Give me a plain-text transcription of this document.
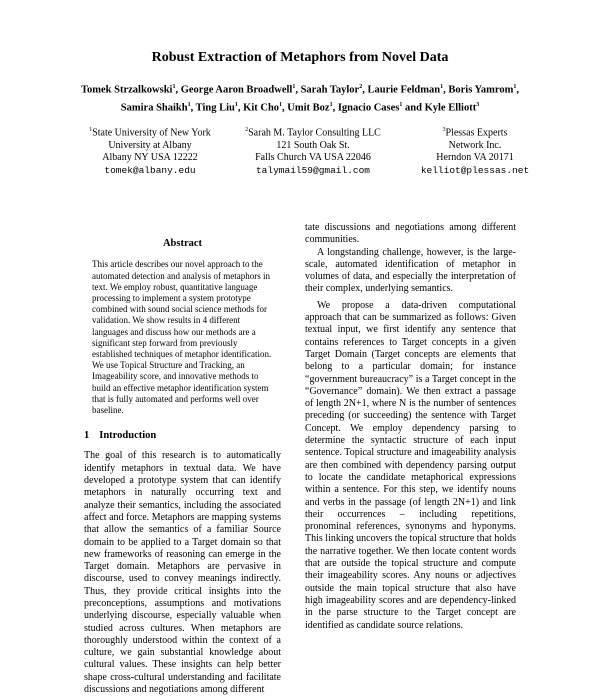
Robust Extraction of Metaphors from Novel Data
Tomek Strzalkowski$^1$, George Aaron Broadwell$^1$, Sarah Taylor$^2$, Laurie Feldman$^1$, Boris Yamrom$^1$, Samira Shaikh$^1$, Ting Liu$^1$, Kit Cho$^1$, Umit Boz$^1$, Ignacio Cases$^1$ and Kyle Elliott$^3$
$^1$State University of New York
University at Albany
Albany NY USA 12222
tomek@albany.edu
$^2$Sarah M. Taylor Consulting LLC
121 South Oak St.
Falls Church VA USA 22046
talymail59@gmail.com
$^3$Plessas Experts
Network Inc.
Herndon VA 20171
kelliot@plessas.net
Abstract

This article describes our novel approach to the automated detection and analysis of metaphors in text. We employ robust, quantitative language processing to implement a system prototype combined with sound social science methods for validation. We show results in 4 different languages and discuss how our methods are a significant step forward from previously established techniques of metaphor identification. We use Topical Structure and Tracking, an Imageability score, and innovative methods to build an effective metaphor identification system that is fully automated and performs well over baseline.

1 Introduction

The goal of this research is to automatically identify metaphors in textual data. We have developed a prototype system that can identify metaphors in naturally occurring text and analyze their semantics, including the associated affect and force. Metaphors are mapping systems that allow the semantics of a familiar Source domain to be applied to a Target domain so that new frameworks of reasoning can emerge in the Target domain. Metaphors are pervasive in discourse, used to convey meanings indirectly. Thus, they provide critical insights into the preconceptions, assumptions and motivations underlying discourse, especially valuable when studied across cultures. When metaphors are thoroughly understood within the context of a culture, we gain substantial knowledge about cultural values. These insights can help better shape cross-cultural understanding and facilitate discussions and negotiations among different

tate discussions and negotiations among different communities.

A longstanding challenge, however, is the large-scale, automated identification of metaphor in volumes of data, and especially the interpretation of their complex, underlying semantics.

We propose a data-driven computational approach that can be summarized as follows: Given textual input, we first identify any sentence that contains references to Target concepts in a given Target Domain (Target concepts are elements that belong to a particular domain; for instance “government bureaucracy” is a Target concept in the “Governance” domain). We then extract a passage of length 2N+1, where N is the number of sentences preceding (or succeeding) the sentence with Target Concept. We employ dependency parsing to determine the syntactic structure of each input sentence. Topical structure and imageability analysis are then combined with dependency parsing output to locate the candidate metaphorical expressions within a sentence. For this step, we identify nouns and verbs in the passage (of length 2N+1) and link their occurrences – including repetitions, pronominal references, synonyms and hyponyms. This linking uncovers the topical structure that holds the narrative together. We then locate content words that are outside the topical structure and compute their imageability scores. Any nouns or adjectives outside the main topical structure that also have high imageability scores and are dependency-linked in the parse structure to the Target concept are identified as candidate source relations.
